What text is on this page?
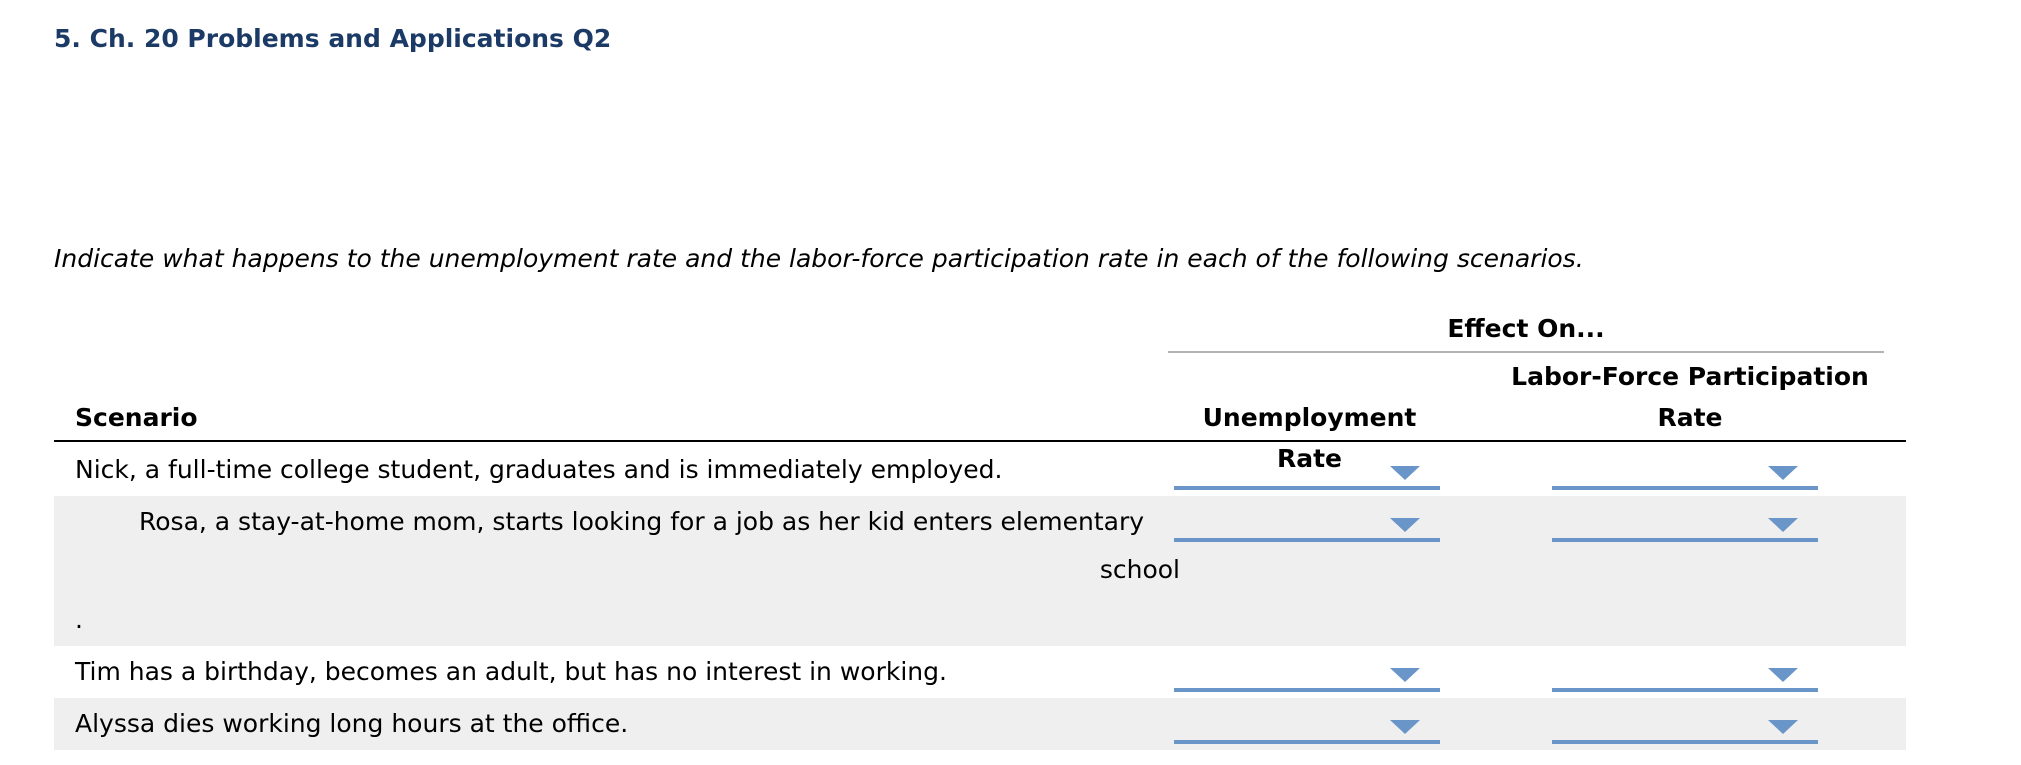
5. Ch. 20 Problems and Applications Q2
Indicate what happens to the unemployment rate and the labor-force participation rate in each of the following scenarios.
Effect On...
Scenario	Unemployment Rate
Labor-Force Participation Rate
Nick, a full-time college student, graduates and is immediately employed.
Rosa, a stay-at-home mom, starts looking for a job as her kid enters elementary
school
.
Tim has a birthday, becomes an adult, but has no interest in working.
Alyssa dies working long hours at the office.
